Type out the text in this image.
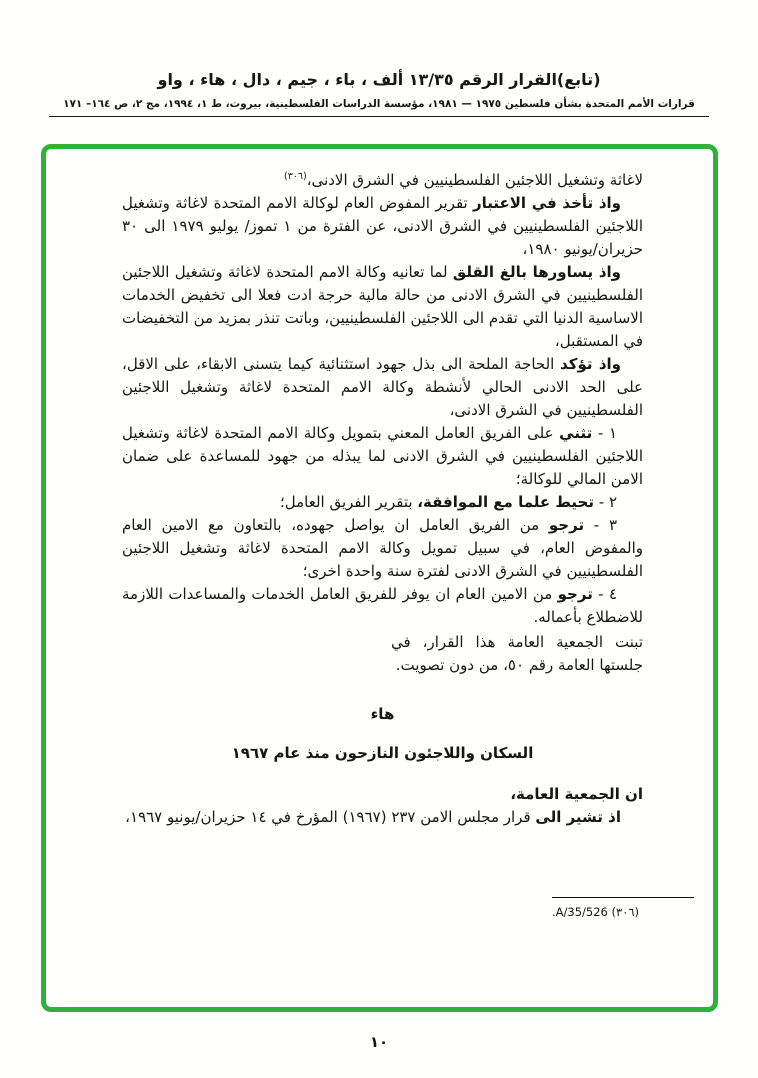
(تابع)القرار الرقم ١٣/٣٥ ألف ، باء ، جيم ، دال ، هاء ، واو
قرارات الأمم المتحدة بشأن فلسطين ١٩٧٥ — ١٩٨١، مؤسسة الدراسات الفلسطينية، بيروت، ط ١، ١٩٩٤، مج ٢، ص ١٦٤– ١٧١

لاغاثة وتشغيل اللاجئين الفلسطينيين في الشرق الادنى،$^{(٣٠٦)}$

واذ تأخذ في الاعتبار تقرير المفوض العام لوكالة الامم المتحدة لاغاثة وتشغيل اللاجئين الفلسطينيين في الشرق الادنى، عن الفترة من ١ تموز/ يوليو ١٩٧٩ الى ٣٠ حزيران/يونيو ١٩٨٠،

واذ يساورها بالغ القلق لما تعانيه وكالة الامم المتحدة لاغاثة وتشغيل اللاجئين الفلسطينيين في الشرق الادنى من حالة مالية حرجة ادت فعلا الى تخفيض الخدمات الاساسية الدنيا التي تقدم الى اللاجئين الفلسطينيين، وباتت تنذر بمزيد من التخفيضات في المستقبل،

واذ تؤكد الحاجة الملحة الى بذل جهود استثنائية كيما يتسنى الابقاء، على الاقل، على الحد الادنى الحالي لأنشطة وكالة الامم المتحدة لاغاثة وتشغيل اللاجئين الفلسطينيين في الشرق الادنى،

١ - تثني على الفريق العامل المعني بتمويل وكالة الامم المتحدة لاغاثة وتشغيل اللاجئين الفلسطينيين في الشرق الادنى لما يبذله من جهود للمساعدة على ضمان الامن المالي للوكالة؛

٢ - تحيط علما مع الموافقة، بتقرير الفريق العامل؛

٣ - ترجو من الفريق العامل ان يواصل جهوده، بالتعاون مع الامين العام والمفوض العام، في سبيل تمويل وكالة الامم المتحدة لاغاثة وتشغيل اللاجئين الفلسطينيين في الشرق الادنى لفترة سنة واحدة اخرى؛

٤ - ترجو من الامين العام ان يوفر للفريق العامل الخدمات والمساعدات اللازمة للاضطلاع بأعماله.

تبنت الجمعية العامة هذا القرار، في جلستها العامة رقم ٥٠، من دون تصويت.

هاء

السكان واللاجئون النازحون منذ عام ١٩٦٧

ان الجمعية العامة،

اذ تشير الى قرار مجلس الامن ٢٣٧ (١٩٦٧) المؤرخ في ١٤ حزيران/يونيو ١٩٦٧،

(٣٠٦) A/35/526.
١٠
